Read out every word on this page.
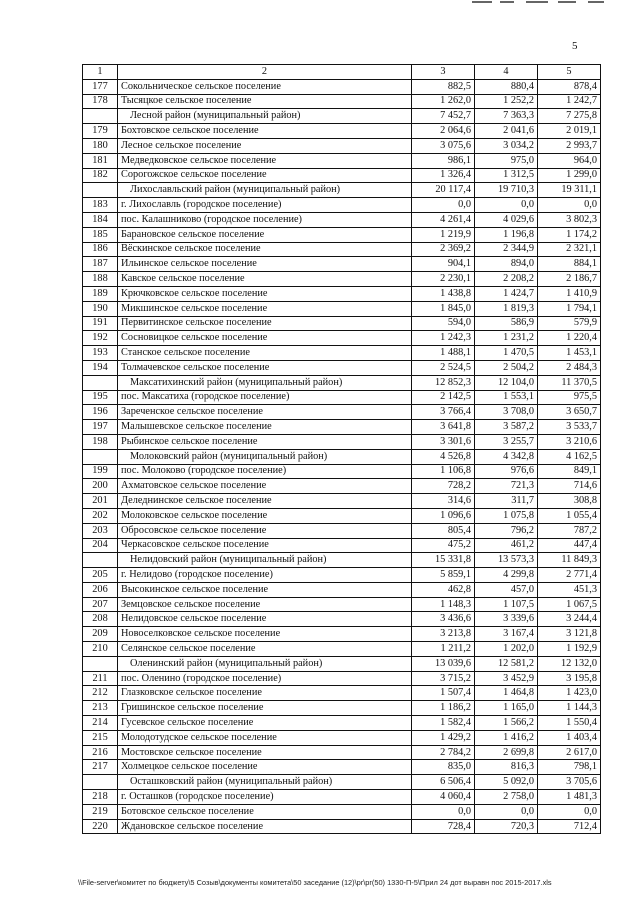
5
1	2	3	4	5
177	Сокольническое сельское поселение	882,5	880,4	878,4
178	Тысяцкое сельское поселение	1 262,0	1 252,2	1 242,7
	Лесной район (муниципальный район)	7 452,7	7 363,3	7 275,8
179	Бохтовское сельское поселение	2 064,6	2 041,6	2 019,1
180	Лесное сельское поселение	3 075,6	3 034,2	2 993,7
181	Медведковское сельское поселение	986,1	975,0	964,0
182	Сорогожское сельское поселение	1 326,4	1 312,5	1 299,0
	Лихославльский район (муниципальный район)	20 117,4	19 710,3	19 311,1
183	г. Лихославль (городское поселение)	0,0	0,0	0,0
184	пос. Калашниково (городское поселение)	4 261,4	4 029,6	3 802,3
185	Барановское сельское поселение	1 219,9	1 196,8	1 174,2
186	Вёскинское сельское поселение	2 369,2	2 344,9	2 321,1
187	Ильинское сельское поселение	904,1	894,0	884,1
188	Кавское сельское поселение	2 230,1	2 208,2	2 186,7
189	Крючковское сельское поселение	1 438,8	1 424,7	1 410,9
190	Микшинское сельское поселение	1 845,0	1 819,3	1 794,1
191	Первитинское сельское поселение	594,0	586,9	579,9
192	Сосновицкое сельское поселение	1 242,3	1 231,2	1 220,4
193	Станское сельское поселение	1 488,1	1 470,5	1 453,1
194	Толмачевское сельское поселение	2 524,5	2 504,2	2 484,3
	Максатихинский район (муниципальный район)	12 852,3	12 104,0	11 370,5
195	пос. Максатиха (городское поселение)	2 142,5	1 553,1	975,5
196	Зареченское сельское поселение	3 766,4	3 708,0	3 650,7
197	Малышевское сельское поселение	3 641,8	3 587,2	3 533,7
198	Рыбинское сельское поселение	3 301,6	3 255,7	3 210,6
	Молоковский район (муниципальный район)	4 526,8	4 342,8	4 162,5
199	пос. Молоково (городское поселение)	1 106,8	976,6	849,1
200	Ахматовское сельское поселение	728,2	721,3	714,6
201	Деледнинское сельское поселение	314,6	311,7	308,8
202	Молоковское сельское поселение	1 096,6	1 075,8	1 055,4
203	Обросовское сельское поселение	805,4	796,2	787,2
204	Черкасовское сельское поселение	475,2	461,2	447,4
	Нелидовский район (муниципальный район)	15 331,8	13 573,3	11 849,3
205	г. Нелидово (городское поселение)	5 859,1	4 299,8	2 771,4
206	Высокинское сельское поселение	462,8	457,0	451,3
207	Земцовское сельское поселение	1 148,3	1 107,5	1 067,5
208	Нелидовское сельское поселение	3 436,6	3 339,6	3 244,4
209	Новоселковское сельское поселение	3 213,8	3 167,4	3 121,8
210	Селянское сельское поселение	1 211,2	1 202,0	1 192,9
	Оленинский район (муниципальный район)	13 039,6	12 581,2	12 132,0
211	пос. Оленино (городское поселение)	3 715,2	3 452,9	3 195,8
212	Глазковское сельское поселение	1 507,4	1 464,8	1 423,0
213	Гришинское сельское поселение	1 186,2	1 165,0	1 144,3
214	Гусевское сельское поселение	1 582,4	1 566,2	1 550,4
215	Молодотудское сельское поселение	1 429,2	1 416,2	1 403,4
216	Мостовское сельское поселение	2 784,2	2 699,8	2 617,0
217	Холмецкое сельское поселение	835,0	816,3	798,1
	Осташковский район (муниципальный район)	6 506,4	5 092,0	3 705,6
218	г. Осташков (городское поселение)	4 060,4	2 758,0	1 481,3
219	Ботовское сельское поселение	0,0	0,0	0,0
220	Ждановское сельское поселение	728,4	720,3	712,4
\\File-server\комитет по бюджету\5 Созыв\документы комитета\50 заседание (12)\pr\pr(50) 1330-П-5\Прил 24 дот выравн пос 2015-2017.xls
